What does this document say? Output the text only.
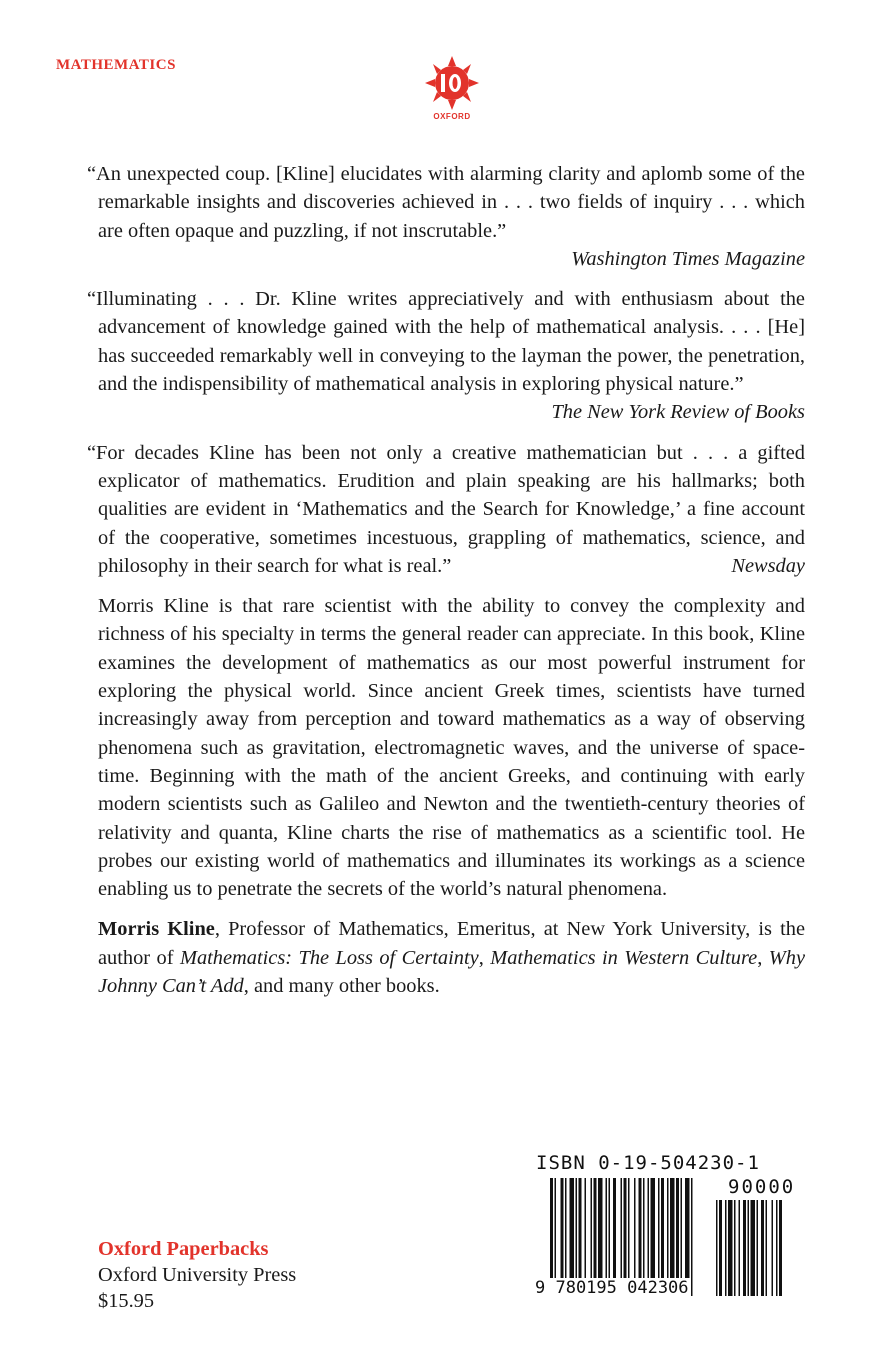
MATHEMATICS
OXFORD

“An unexpected coup. [Kline] elucidates with alarming clarity and aplomb some of the remarkable insights and discoveries achieved in . . . two fields of inquiry . . . which are often opaque and puzzling, if not inscrutable.”

Washington Times Magazine

“Illuminating . . . Dr. Kline writes appreciatively and with enthusiasm about the advancement of knowledge gained with the help of mathematical analysis. . . . [He] has succeeded remarkably well in conveying to the layman the power, the penetration, and the indispensibility of mathematical analysis in exploring physical nature.”

The New York Review of Books

“For decades Kline has been not only a creative mathematician but . . . a gifted explicator of mathematics. Erudition and plain speaking are his hallmarks; both qualities are evident in ‘Mathematics and the Search for Knowledge,’ a fine account of the cooperative, sometimes incestuous, grappling of mathematics, science, and philosophy in their search for what is real.”	Newsday

Morris Kline is that rare scientist with the ability to convey the complexity and richness of his specialty in terms the general reader can appreciate. In this book, Kline examines the development of mathematics as our most powerful instrument for exploring the physical world. Since ancient Greek times, scientists have turned increasingly away from perception and toward mathematics as a way of observing phenomena such as gravitation, electromagnetic waves, and the universe of space-time. Beginning with the math of the ancient Greeks, and continuing with early modern scientists such as Galileo and Newton and the twentieth-century theories of relativity and quanta, Kline charts the rise of mathematics as a scientific tool. He probes our existing world of mathematics and illuminates its workings as a science enabling us to penetrate the secrets of the world’s natural phenomena.

Morris Kline, Professor of Mathematics, Emeritus, at New York University, is the author of Mathematics: The Loss of Certainty, Mathematics in Western Culture, Why Johnny Can’t Add, and many other books.

Oxford Paperbacks
Oxford University Press
$15.95
ISBN 0-19-504230-1
90000
9 780195 042306
